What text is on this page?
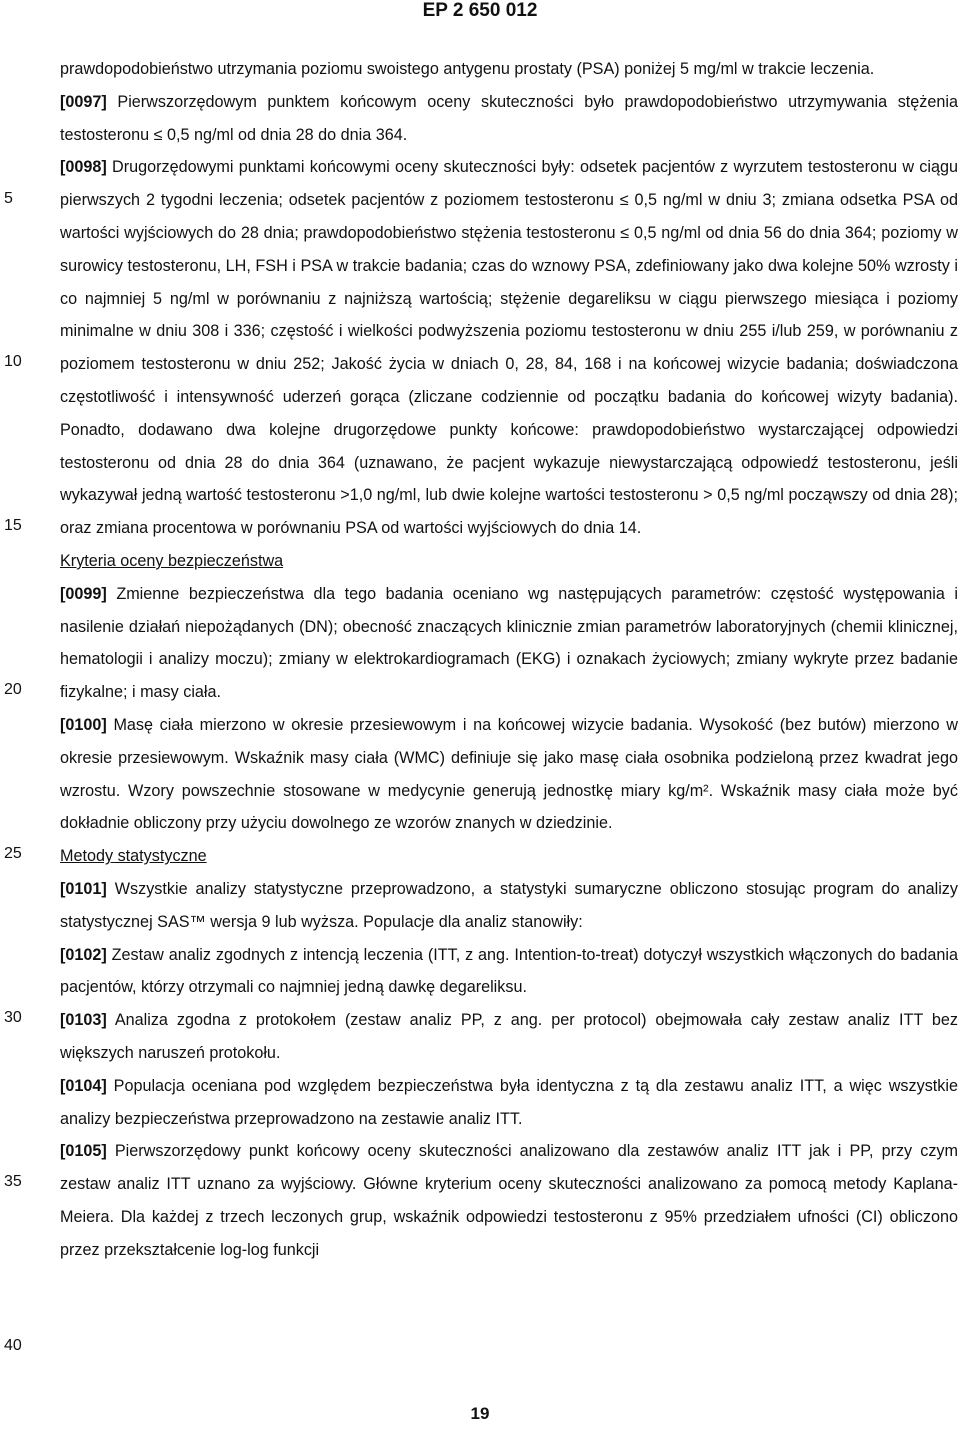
EP 2 650 012
5
10
15
20
25
30
35
40

prawdopodobieństwo utrzymania poziomu swoistego antygenu prostaty (PSA) poniżej 5 mg/ml w trakcie leczenia.

[0097] Pierwszorzędowym punktem końcowym oceny skuteczności było prawdopodobieństwo utrzymywania stężenia testosteronu ≤ 0,5 ng/ml od dnia 28 do dnia 364.

[0098] Drugorzędowymi punktami końcowymi oceny skuteczności były: odsetek pacjentów z wyrzutem testosteronu w ciągu pierwszych 2 tygodni leczenia; odsetek pacjentów z poziomem testosteronu ≤ 0,5 ng/ml w dniu 3; zmiana odsetka PSA od wartości wyjściowych do 28 dnia; prawdopodobieństwo stężenia testosteronu ≤ 0,5 ng/ml od dnia 56 do dnia 364; poziomy w surowicy testosteronu, LH, FSH i PSA w trakcie badania; czas do wznowy PSA, zdefiniowany jako dwa kolejne 50% wzrosty i co najmniej 5 ng/ml w porównaniu z najniższą wartością; stężenie degareliksu w ciągu pierwszego miesiąca i poziomy minimalne w dniu 308 i 336; częstość i wielkości podwyższenia poziomu testosteronu w dniu 255 i/lub 259, w porównaniu z poziomem testosteronu w dniu 252; Jakość życia w dniach 0, 28, 84, 168 i na końcowej wizycie badania; doświadczona częstotliwość i intensywność uderzeń gorąca (zliczane codziennie od początku badania do końcowej wizyty badania). Ponadto, dodawano dwa kolejne drugorzędowe punkty końcowe: prawdopodobieństwo wystarczającej odpowiedzi testosteronu od dnia 28 do dnia 364 (uznawano, że pacjent wykazuje niewystarczającą odpowiedź testosteronu, jeśli wykazywał jedną wartość testosteronu >1,0 ng/ml, lub dwie kolejne wartości testosteronu > 0,5 ng/ml począwszy od dnia 28); oraz zmiana procentowa w porównaniu PSA od wartości wyjściowych do dnia 14.

Kryteria oceny bezpieczeństwa

[0099] Zmienne bezpieczeństwa dla tego badania oceniano wg następujących parametrów: częstość występowania i nasilenie działań niepożądanych (DN); obecność znaczących klinicznie zmian parametrów laboratoryjnych (chemii klinicznej, hematologii i analizy moczu); zmiany w elektrokardiogramach (EKG) i oznakach życiowych; zmiany wykryte przez badanie fizykalne; i masy ciała.

[0100] Masę ciała mierzono w okresie przesiewowym i na końcowej wizycie badania. Wysokość (bez butów) mierzono w okresie przesiewowym. Wskaźnik masy ciała (WMC) definiuje się jako masę ciała osobnika podzieloną przez kwadrat jego wzrostu. Wzory powszechnie stosowane w medycynie generują jednostkę miary kg/m². Wskaźnik masy ciała może być dokładnie obliczony przy użyciu dowolnego ze wzorów znanych w dziedzinie.

Metody statystyczne

[0101] Wszystkie analizy statystyczne przeprowadzono, a statystyki sumaryczne obliczono stosując program do analizy statystycznej SAS™ wersja 9 lub wyższa. Populacje dla analiz stanowiły:

[0102] Zestaw analiz zgodnych z intencją leczenia (ITT, z ang. Intention-to-treat) dotyczył wszystkich włączonych do badania pacjentów, którzy otrzymali co najmniej jedną dawkę degareliksu.

[0103] Analiza zgodna z protokołem (zestaw analiz PP, z ang. per protocol) obejmowała cały zestaw analiz ITT bez większych naruszeń protokołu.

[0104] Populacja oceniana pod względem bezpieczeństwa była identyczna z tą dla zestawu analiz ITT, a więc wszystkie analizy bezpieczeństwa przeprowadzono na zestawie analiz ITT.

[0105] Pierwszorzędowy punkt końcowy oceny skuteczności analizowano dla zestawów analiz ITT jak i PP, przy czym zestaw analiz ITT uznano za wyjściowy. Główne kryterium oceny skuteczności analizowano za pomocą metody Kaplana-Meiera. Dla każdej z trzech leczonych grup, wskaźnik odpowiedzi testosteronu z 95% przedziałem ufności (CI) obliczono przez przekształcenie log-log funkcji

19
